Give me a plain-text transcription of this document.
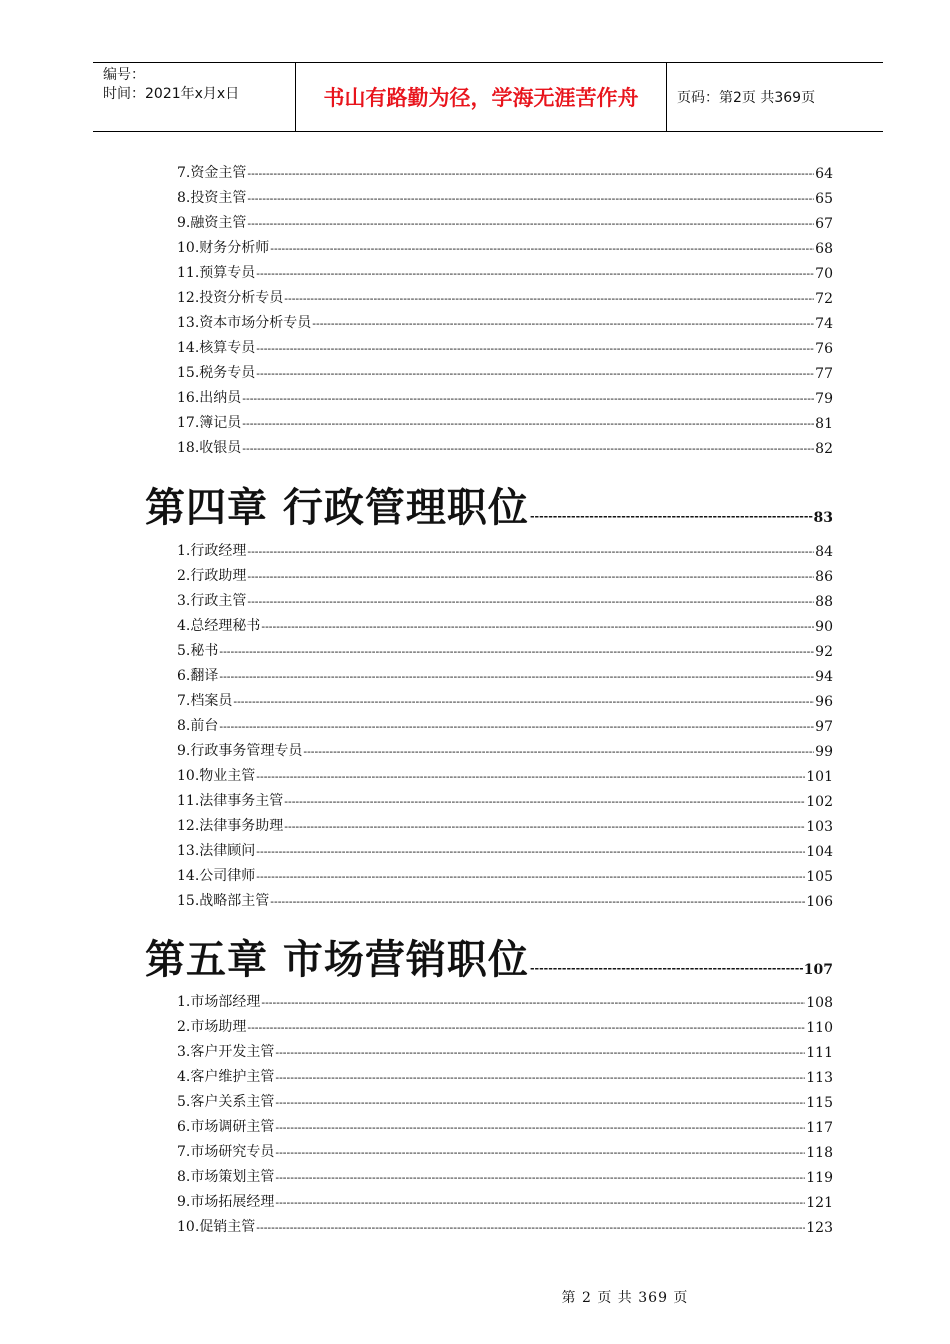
编号：
时间：2021年x月x日	书山有路勤为径，学海无涯苦作舟	页码：第2页 共369页
7.资金主管 -----	64
8.投资主管 -----	65
9.融资主管 -----	67
10.财务分析师 -----	68
11.预算专员 -----	70
12.投资分析专员 -----	72
13.资本市场分析专员 -----	74
14.核算专员 -----	76
15.税务专员 -----	77
16.出纳员 -----	79
17.簿记员 -----	81
18.收银员 -----	82
第四章 行政管理职位 -----	83
1.行政经理 -----	84
2.行政助理 -----	86
3.行政主管 -----	88
4.总经理秘书 -----	90
5.秘书 -----	92
6.翻译 -----	94
7.档案员 -----	96
8.前台 -----	97
9.行政事务管理专员 -----	99
10.物业主管 -----	101
11.法律事务主管 -----	102
12.法律事务助理 -----	103
13.法律顾问 -----	104
14.公司律师 -----	105
15.战略部主管 -----	106
第五章 市场营销职位 -----	107
1.市场部经理 -----	108
2.市场助理 -----	110
3.客户开发主管 -----	111
4.客户维护主管 -----	113
5.客户关系主管 -----	115
6.市场调研主管 -----	117
7.市场研究专员 -----	118
8.市场策划主管 -----	119
9.市场拓展经理 -----	121
10.促销主管 -----	123
第 2 页 共 369 页
